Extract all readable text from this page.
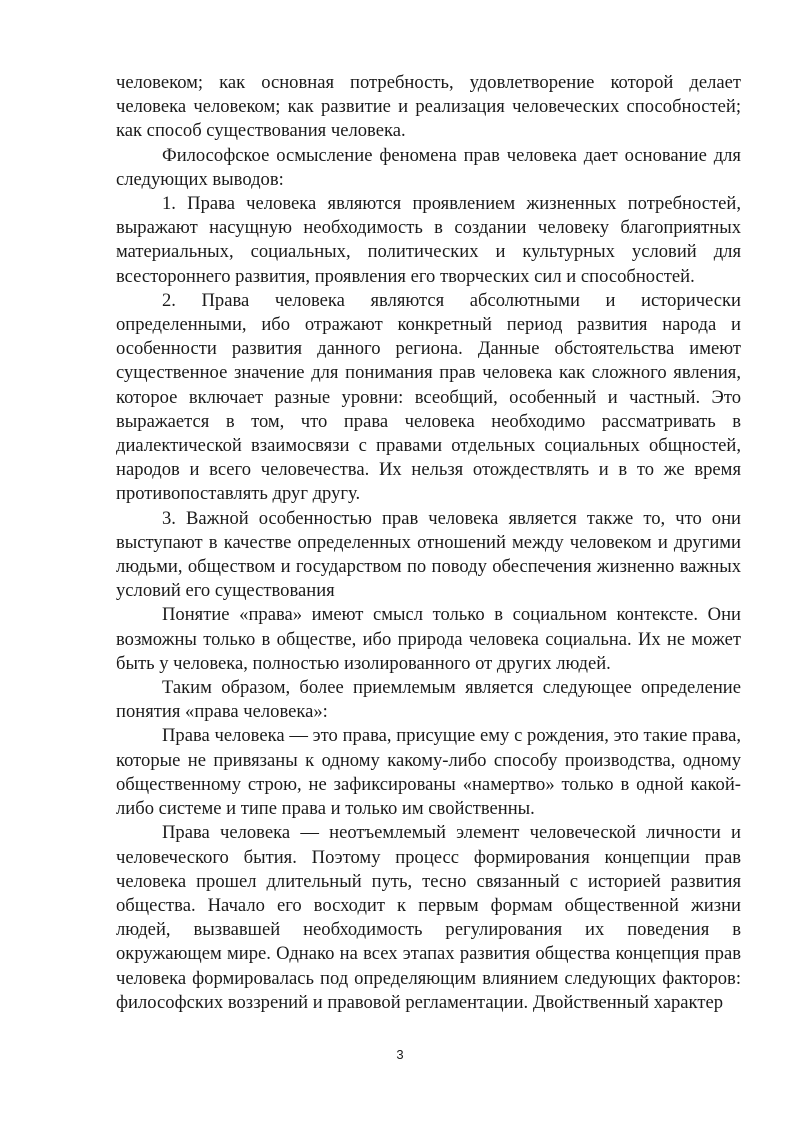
человеком; как основная потребность, удовлетворение которой делает человека человеком; как развитие и реализация человеческих способностей; как способ существования человека.

Философское осмысление феномена прав человека дает основание для следующих выводов:

1. Права человека являются проявлением жизненных потребностей, выражают насущную необходимость в создании человеку благоприятных материальных, социальных, политических и культурных условий для всестороннего развития, проявления его творческих сил и способностей.

2. Права человека являются абсолютными и исторически определенными, ибо отражают конкретный период развития народа и особенности развития данного региона. Данные обстоятельства имеют существенное значение для понимания прав человека как сложного явления, которое включает разные уровни: всеобщий, особенный и частный. Это выражается в том, что права человека необходимо рассматривать в диалектической взаимосвязи с правами отдельных социальных общностей, народов и всего человечества. Их нельзя отождествлять и в то же время противопоставлять друг другу.

3. Важной особенностью прав человека является также то, что они выступают в качестве определенных отношений между человеком и другими людьми, обществом и государством по поводу обеспечения жизненно важных условий его существования

Понятие «права» имеют смысл только в социальном контексте. Они возможны только в обществе, ибо природа человека социальна. Их не может быть у человека, полностью изолированного от других людей.

Таким образом, более приемлемым является следующее определение понятия «права человека»:

Права человека — это права, присущие ему с рождения, это такие права, которые не привязаны к одному какому-либо способу производства, одному общественному строю, не зафиксированы «намертво» только в одной какой-либо системе и типе права и только им свойственны.

Права человека — неотъемлемый элемент человеческой личности и человеческого бытия. Поэтому процесс формирования концепции прав человека прошел длительный путь, тесно связанный с историей развития общества. Начало его восходит к первым формам общественной жизни людей, вызвавшей необходимость регулирования их поведения в окружающем мире. Однако на всех этапах развития общества концепция прав человека формировалась под определяющим влиянием следующих факторов: философских воззрений и правовой регламентации. Двойственный характер

3
